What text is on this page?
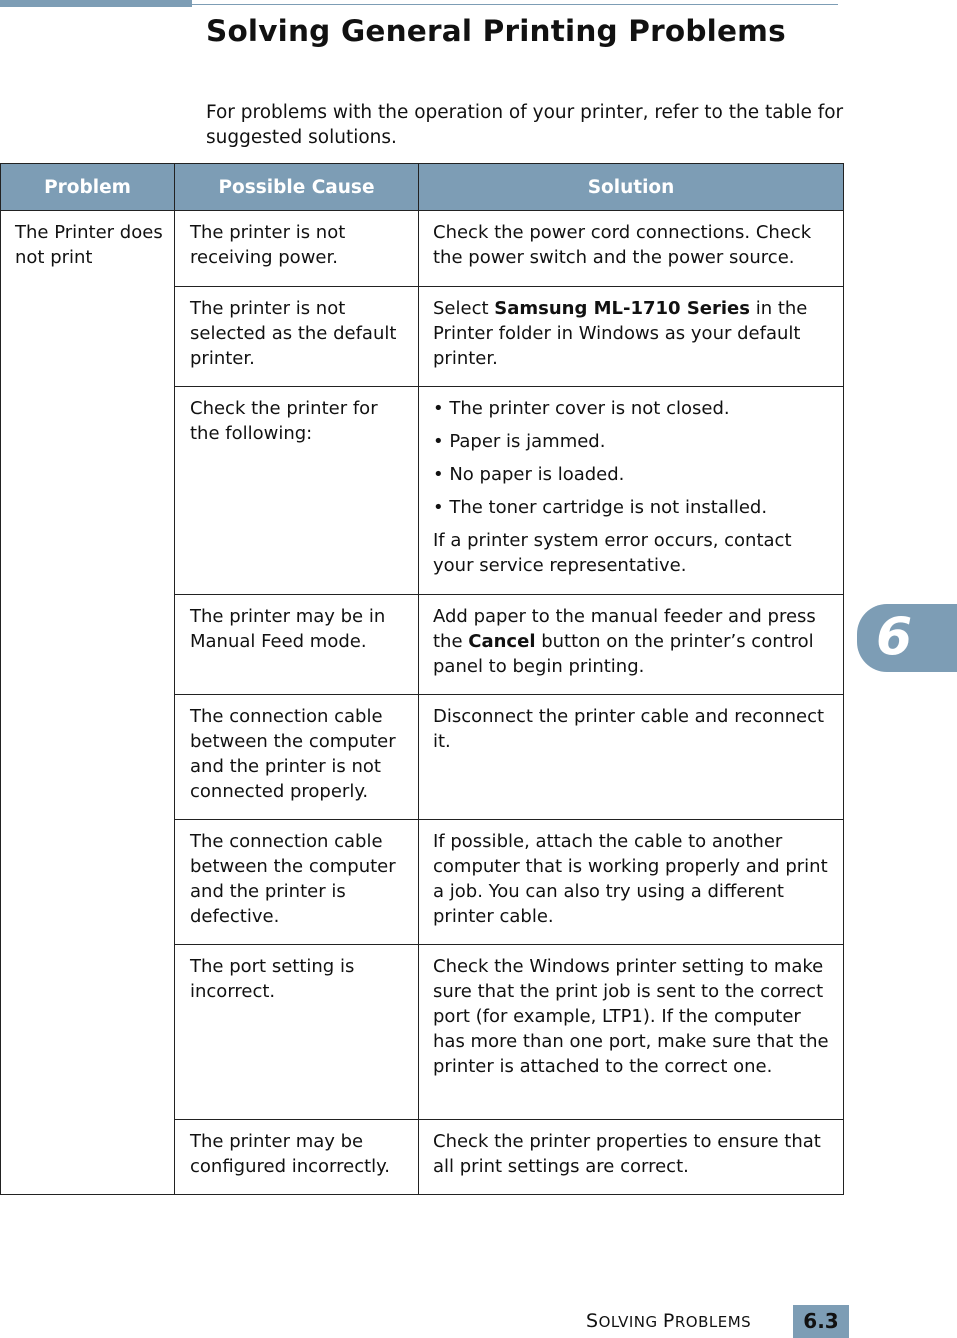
Solving General Printing Problems

For problems with the operation of your printer, refer to the table for suggested solutions.

Problem	Possible Cause	Solution
The Printer does not print	The printer is not receiving power.	Check the power cord connections. Check the power switch and the power source.
	The printer is not selected as the default printer.	Select Samsung ML-1710 Series in the Printer folder in Windows as your default printer.
	Check the printer for the following:	• The printer cover is not closed.
• Paper is jammed.
• No paper is loaded.
• The toner cartridge is not installed.
If a printer system error occurs, contact your service representative.
	The printer may be in Manual Feed mode.	Add paper to the manual feeder and press the Cancel button on the printer’s control panel to begin printing.
	The connection cable between the computer and the printer is not connected properly.	Disconnect the printer cable and reconnect it.
	The connection cable between the computer and the printer is defective.	If possible, attach the cable to another computer that is working properly and print a job. You can also try using a different printer cable.
	The port setting is incorrect.	Check the Windows printer setting to make sure that the print job is sent to the correct port (for example, LTP1). If the computer has more than one port, make sure that the printer is attached to the correct one.
	The printer may be configured incorrectly.	Check the printer properties to ensure that all print settings are correct.
6
SOLVING PROBLEMS	6.3
